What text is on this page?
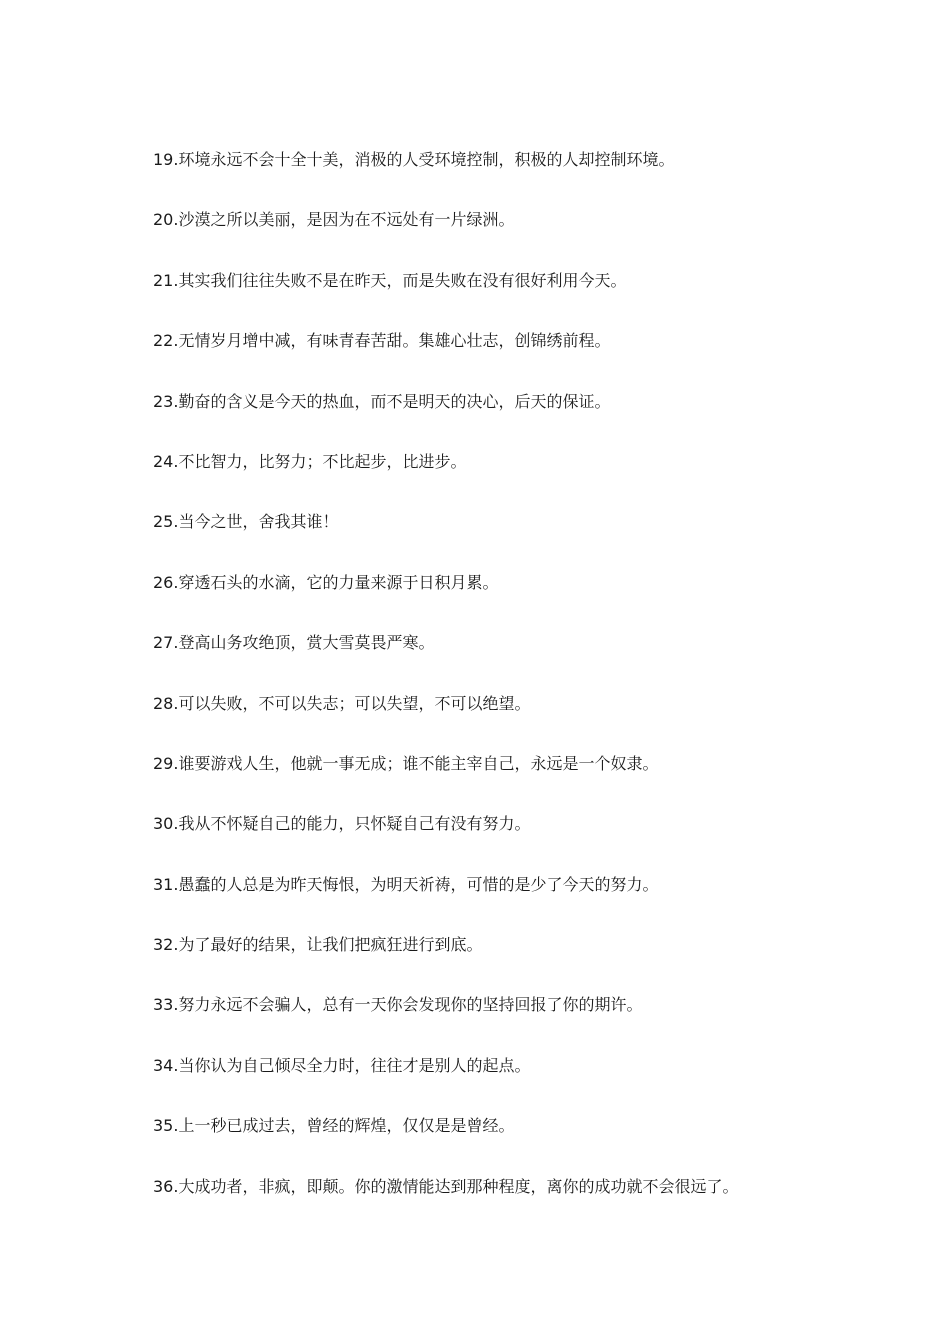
19.环境永远不会十全十美，消极的人受环境控制，积极的人却控制环境。
20.沙漠之所以美丽，是因为在不远处有一片绿洲。
21.其实我们往往失败不是在昨天，而是失败在没有很好利用今天。
22.无情岁月增中减，有味青春苦甜。集雄心壮志，创锦绣前程。
23.勤奋的含义是今天的热血，而不是明天的决心，后天的保证。
24.不比智力，比努力；不比起步，比进步。
25.当今之世，舍我其谁！
26.穿透石头的水滴，它的力量来源于日积月累。
27.登高山务攻绝顶，赏大雪莫畏严寒。
28.可以失败，不可以失志；可以失望，不可以绝望。
29.谁要游戏人生，他就一事无成；谁不能主宰自己，永远是一个奴隶。
30.我从不怀疑自己的能力，只怀疑自己有没有努力。
31.愚蠢的人总是为昨天悔恨，为明天祈祷，可惜的是少了今天的努力。
32.为了最好的结果，让我们把疯狂进行到底。
33.努力永远不会骗人，总有一天你会发现你的坚持回报了你的期许。
34.当你认为自己倾尽全力时，往往才是别人的起点。
35.上一秒已成过去，曾经的辉煌，仅仅是是曾经。
36.大成功者，非疯，即颠。你的激情能达到那种程度，离你的成功就不会很远了。
